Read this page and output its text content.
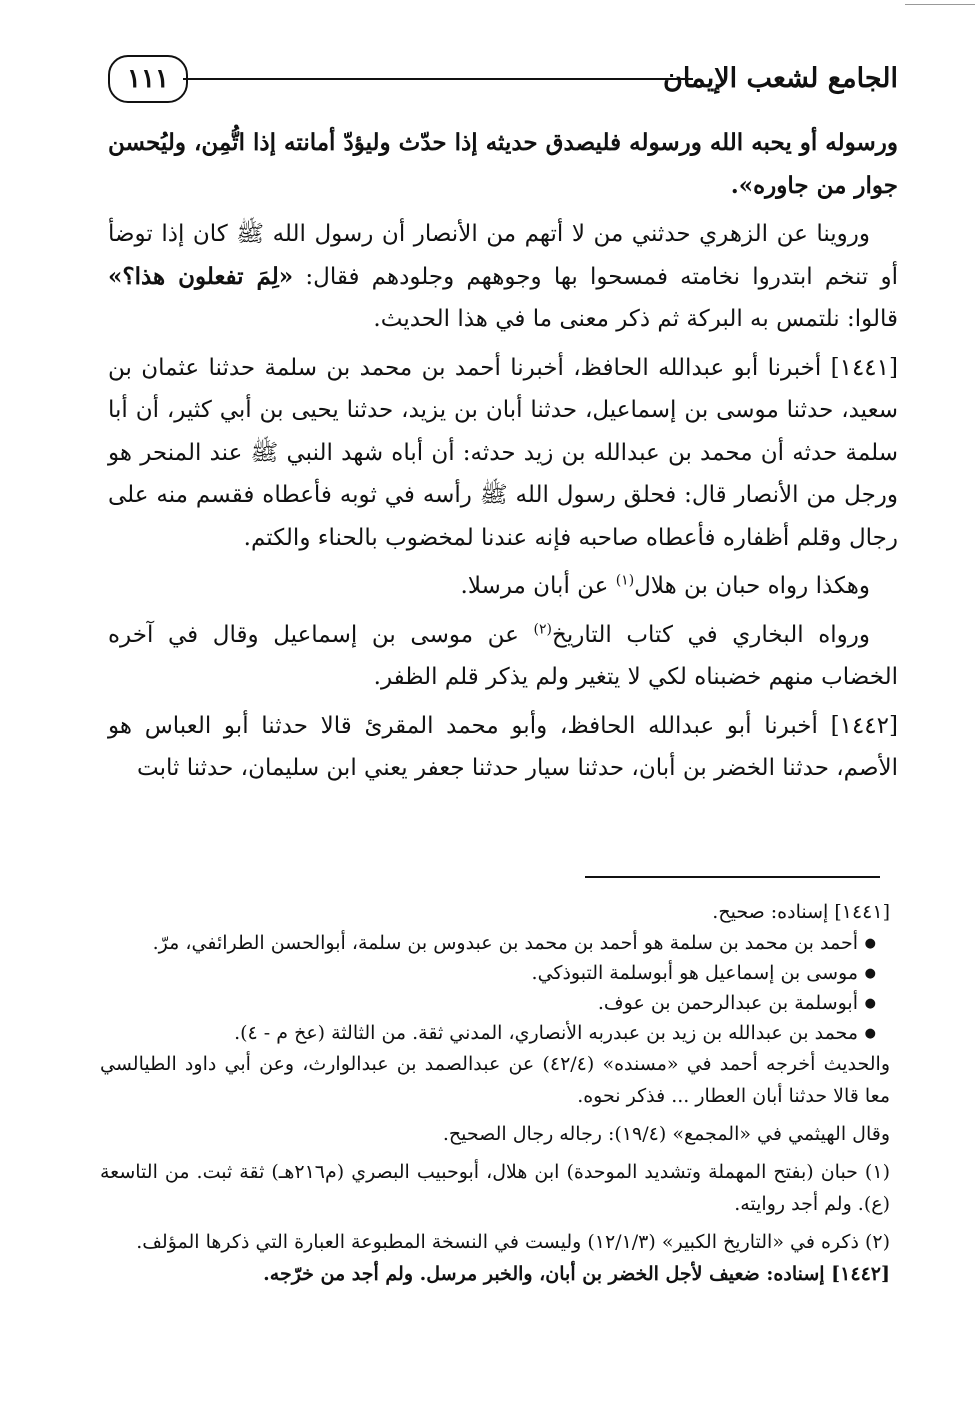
الجامع لشعب الإيمان
١١١

ورسوله أو يحبه الله ورسوله فليصدق حديثه إذا حدّث وليؤدّ أمانته إذا اتُّمِن، وليُحسن جوار من جاوره».

وروينا عن الزهري حدثني من لا أتهم من الأنصار أن رسول الله ﷺ كان إذا توضأ أو تنخم ابتدروا نخامته فمسحوا بها وجوههم وجلودهم فقال: «لِمَ تفعلون هذا؟» قالوا: نلتمس به البركة ثم ذكر معنى ما في هذا الحديث.

[١٤٤١] أخبرنا أبو عبدالله الحافظ، أخبرنا أحمد بن محمد بن سلمة حدثنا عثمان بن سعيد، حدثنا موسى بن إسماعيل، حدثنا أبان بن يزيد، حدثنا يحيى بن أبي كثير، أن أبا سلمة حدثه أن محمد بن عبدالله بن زيد حدثه: أن أباه شهد النبي ﷺ عند المنحر هو ورجل من الأنصار قال: فحلق رسول الله ﷺ رأسه في ثوبه فأعطاه فقسم منه على رجال وقلم أظفاره فأعطاه صاحبه فإنه عندنا لمخضوب بالحناء والكتم.

وهكذا رواه حبان بن هلال$^{(١)}$ عن أبان مرسلا.

ورواه البخاري في كتاب التاريخ$^{(٢)}$ عن موسى بن إسماعيل وقال في آخره الخضاب منهم خضبناه لكي لا يتغير ولم يذكر قلم الظفر.

[١٤٤٢] أخبرنا أبو عبدالله الحافظ، وأبو محمد المقرئ قالا حدثنا أبو العباس هو الأصم، حدثنا الخضر بن أبان، حدثنا سيار حدثنا جعفر يعني ابن سليمان، حدثنا ثابت

[١٤٤١] إسناده: صحيح.

● أحمد بن محمد بن سلمة هو أحمد بن محمد بن عبدوس بن سلمة، أبوالحسن الطرائفي، مرّ.
● موسى بن إسماعيل هو أبوسلمة التبوذكي.
● أبوسلمة بن عبدالرحمن بن عوف.
● محمد بن عبدالله بن زيد بن عبدربه الأنصاري، المدني ثقة. من الثالثة (عخ م - ٤).

والحديث أخرجه أحمد في «مسنده» (٤٢/٤) عن عبدالصمد بن عبدالوارث، وعن أبي داود الطيالسي معا قالا حدثنا أبان العطار ... فذكر نحوه.

وقال الهيثمي في «المجمع» (١٩/٤): رجاله رجال الصحيح.

(١) حبان (بفتح المهملة وتشديد الموحدة) ابن هلال، أبوحبيب البصري (م٢١٦هـ) ثقة ثبت. من التاسعة (ع). ولم أجد روايته.

(٢) ذكره في «التاريخ الكبير» (١٢/١/٣) وليست في النسخة المطبوعة العبارة التي ذكرها المؤلف.

[١٤٤٢] إسناده: ضعيف لأجل الخضر بن أبان، والخبر مرسل. ولم أجد من خرّجه.
